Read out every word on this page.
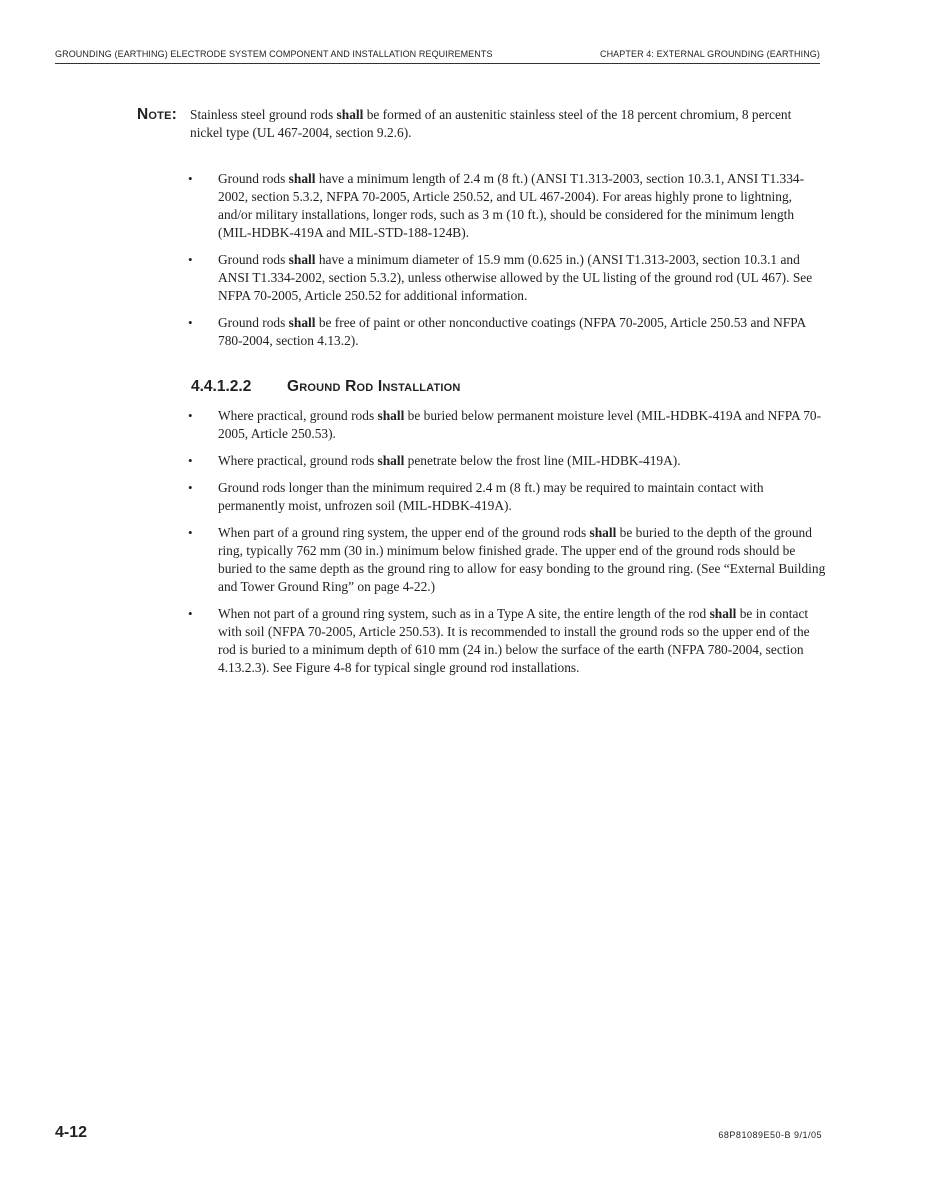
GROUNDING (EARTHING) ELECTRODE SYSTEM COMPONENT AND INSTALLATION REQUIREMENTS	CHAPTER 4: EXTERNAL GROUNDING (EARTHING)
Note: Stainless steel ground rods shall be formed of an austenitic stainless steel of the 18 percent chromium, 8 percent nickel type (UL 467-2004, section 9.2.6).
• Ground rods shall have a minimum length of 2.4 m (8 ft.) (ANSI T1.313-2003, section 10.3.1, ANSI T1.334-2002, section 5.3.2, NFPA 70-2005, Article 250.52, and UL 467-2004). For areas highly prone to lightning, and/or military installations, longer rods, such as 3 m (10 ft.), should be considered for the minimum length (MIL-HDBK-419A and MIL-STD-188-124B).
• Ground rods shall have a minimum diameter of 15.9 mm (0.625 in.) (ANSI T1.313-2003, section 10.3.1 and ANSI T1.334-2002, section 5.3.2), unless otherwise allowed by the UL listing of the ground rod (UL 467). See NFPA 70-2005, Article 250.52 for additional information.
• Ground rods shall be free of paint or other nonconductive coatings (NFPA 70-2005, Article 250.53 and NFPA 780-2004, section 4.13.2).
4.4.1.2.2 Ground Rod Installation
• Where practical, ground rods shall be buried below permanent moisture level (MIL-HDBK-419A and NFPA 70-2005, Article 250.53).
• Where practical, ground rods shall penetrate below the frost line (MIL-HDBK-419A).
• Ground rods longer than the minimum required 2.4 m (8 ft.) may be required to maintain contact with permanently moist, unfrozen soil (MIL-HDBK-419A).
• When part of a ground ring system, the upper end of the ground rods shall be buried to the depth of the ground ring, typically 762 mm (30 in.) minimum below finished grade. The upper end of the ground rods should be buried to the same depth as the ground ring to allow for easy bonding to the ground ring. (See “External Building and Tower Ground Ring” on page 4-22.)
• When not part of a ground ring system, such as in a Type A site, the entire length of the rod shall be in contact with soil (NFPA 70-2005, Article 250.53). It is recommended to install the ground rods so the upper end of the rod is buried to a minimum depth of 610 mm (24 in.) below the surface of the earth (NFPA 780-2004, section 4.13.2.3). See Figure 4-8 for typical single ground rod installations.
4-12	68P81089E50-B 9/1/05
